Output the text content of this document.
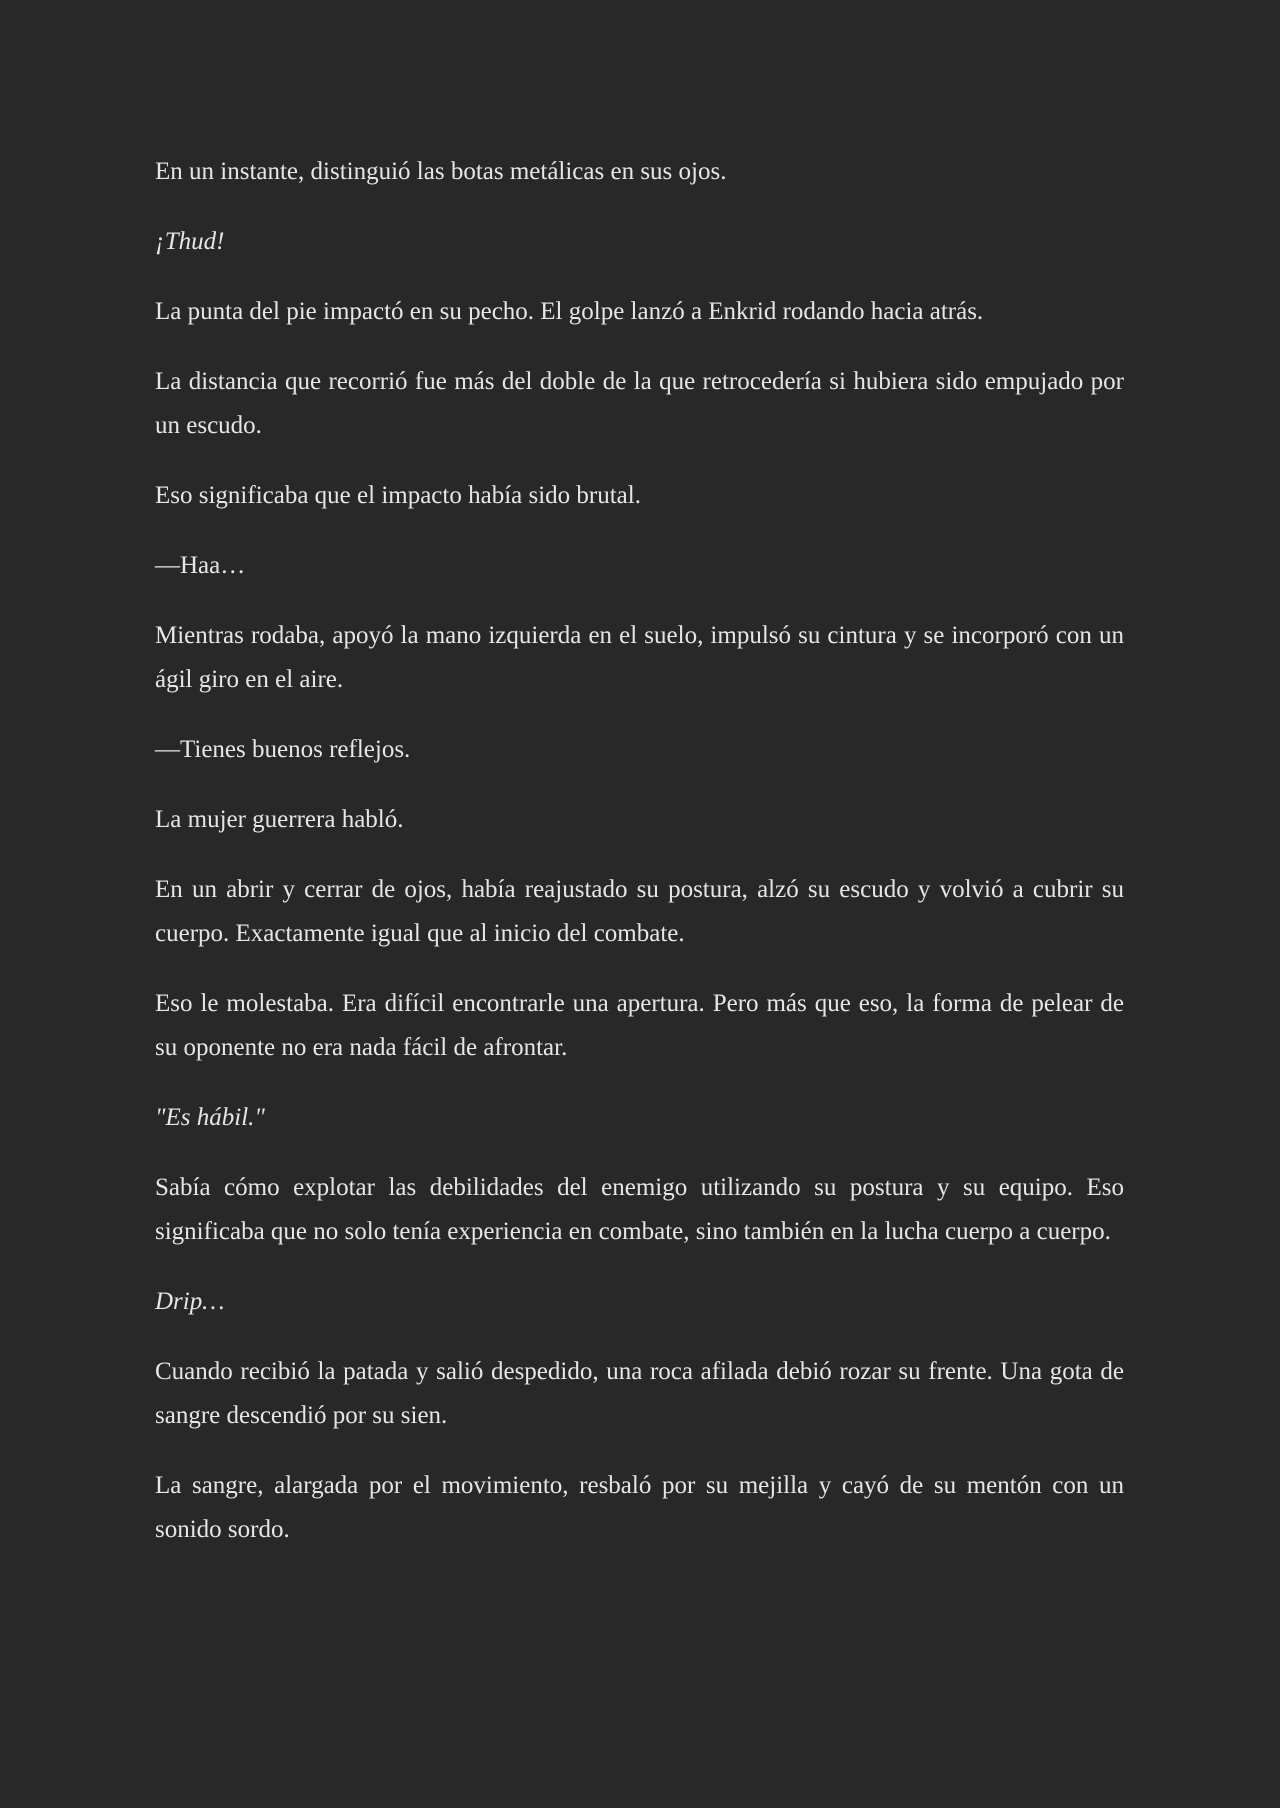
En un instante, distinguió las botas metálicas en sus ojos.

¡Thud!

La punta del pie impactó en su pecho. El golpe lanzó a Enkrid rodando hacia atrás.

La distancia que recorrió fue más del doble de la que retrocedería si hubiera sido empujado por un escudo.

Eso significaba que el impacto había sido brutal.

—Haa…

Mientras rodaba, apoyó la mano izquierda en el suelo, impulsó su cintura y se incorporó con un ágil giro en el aire.

—Tienes buenos reflejos.

La mujer guerrera habló.

En un abrir y cerrar de ojos, había reajustado su postura, alzó su escudo y volvió a cubrir su cuerpo. Exactamente igual que al inicio del combate.

Eso le molestaba. Era difícil encontrarle una apertura. Pero más que eso, la forma de pelear de su oponente no era nada fácil de afrontar.

"Es hábil."

Sabía cómo explotar las debilidades del enemigo utilizando su postura y su equipo. Eso significaba que no solo tenía experiencia en combate, sino también en la lucha cuerpo a cuerpo.

Drip…

Cuando recibió la patada y salió despedido, una roca afilada debió rozar su frente. Una gota de sangre descendió por su sien.

La sangre, alargada por el movimiento, resbaló por su mejilla y cayó de su mentón con un sonido sordo.
